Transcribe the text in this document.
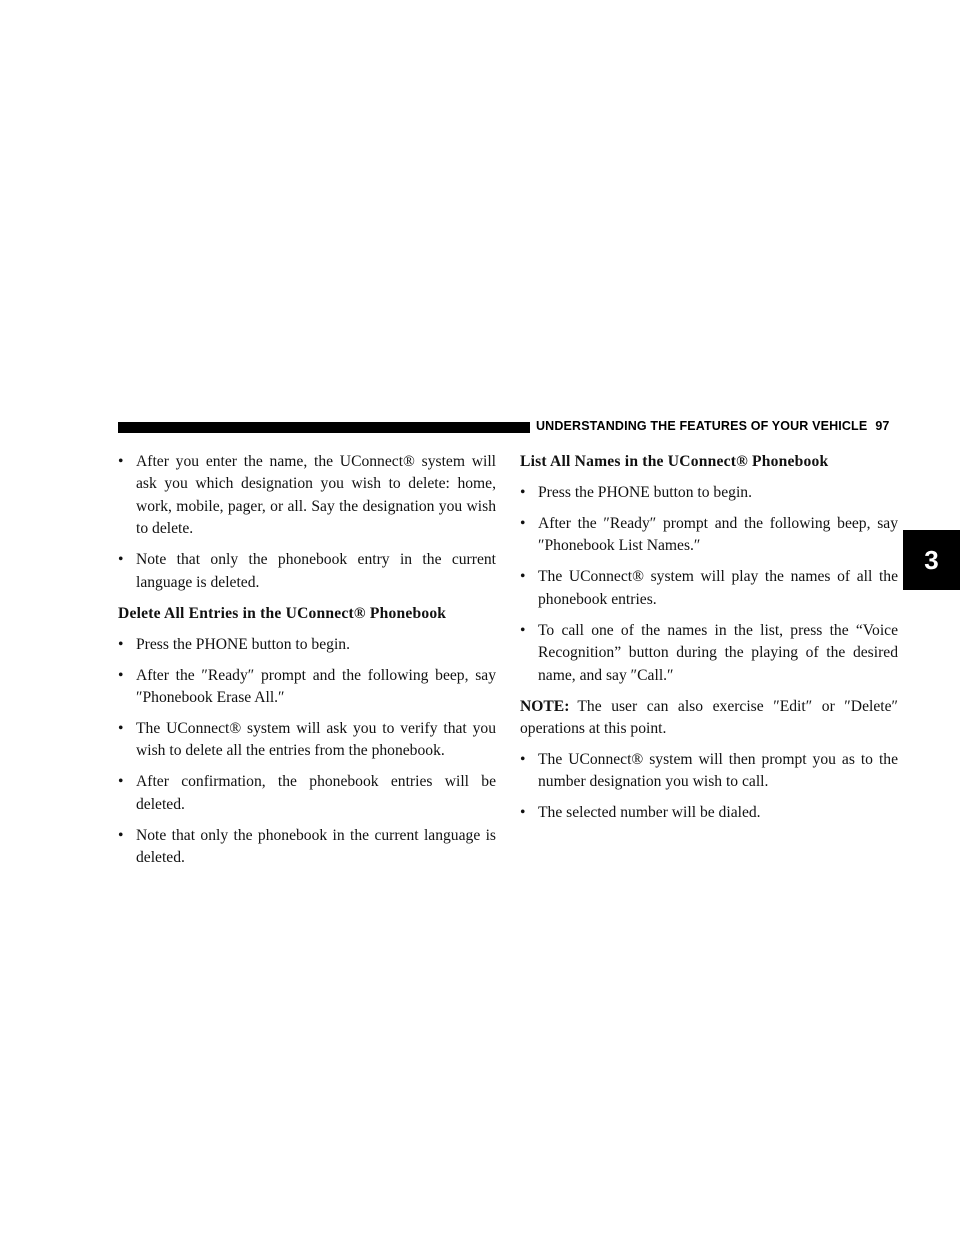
UNDERSTANDING THE FEATURES OF YOUR VEHICLE 97
3
• After you enter the name, the UConnect® system will ask you which designation you wish to delete: home, work, mobile, pager, or all. Say the designation you wish to delete.
• Note that only the phonebook entry in the current language is deleted.
Delete All Entries in the UConnect® Phonebook
• Press the PHONE button to begin.
• After the ″Ready″ prompt and the following beep, say ″Phonebook Erase All.″
• The UConnect® system will ask you to verify that you wish to delete all the entries from the phonebook.
• After confirmation, the phonebook entries will be deleted.
• Note that only the phonebook in the current language is deleted.
List All Names in the UConnect® Phonebook
• Press the PHONE button to begin.
• After the ″Ready″ prompt and the following beep, say ″Phonebook List Names.″
• The UConnect® system will play the names of all the phonebook entries.
• To call one of the names in the list, press the “Voice Recognition” button during the playing of the desired name, and say ″Call.″
NOTE: The user can also exercise ″Edit″ or ″Delete″ operations at this point.
• The UConnect® system will then prompt you as to the number designation you wish to call.
• The selected number will be dialed.
